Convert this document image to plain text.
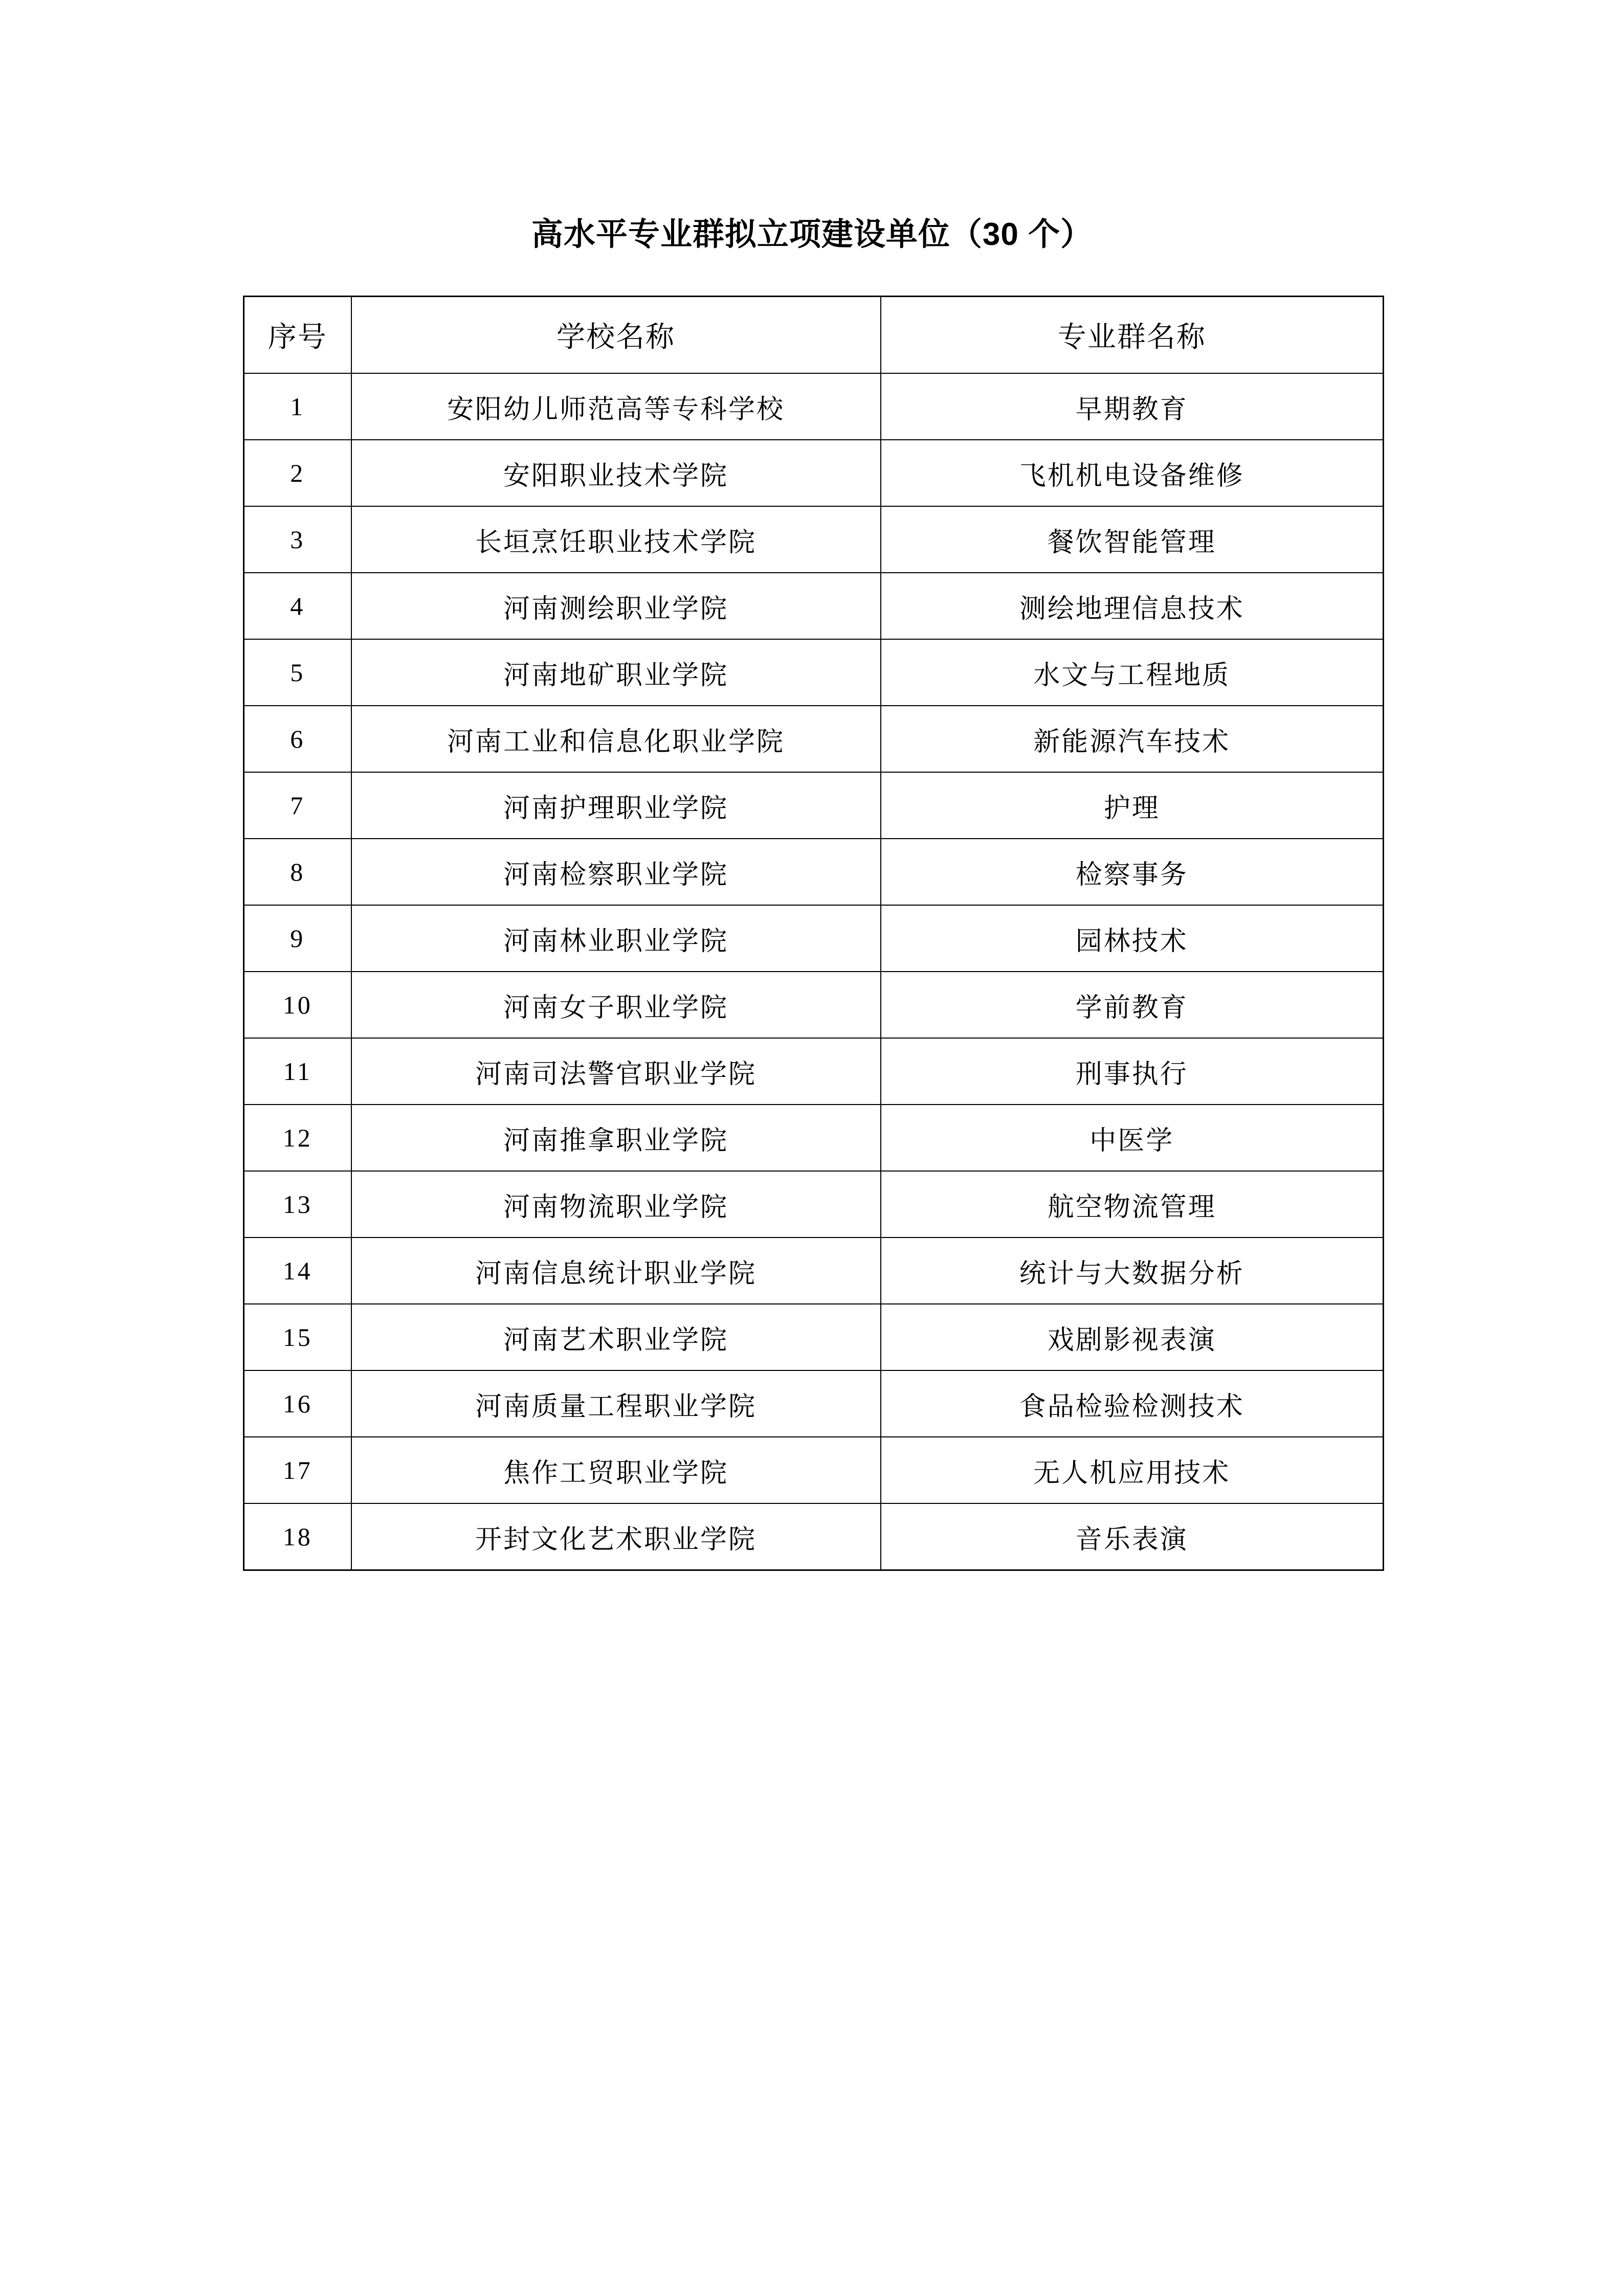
高水平专业群拟立项建设单位（30 个）
序号	学校名称	专业群名称
1	安阳幼儿师范高等专科学校	早期教育
2	安阳职业技术学院	飞机机电设备维修
3	长垣烹饪职业技术学院	餐饮智能管理
4	河南测绘职业学院	测绘地理信息技术
5	河南地矿职业学院	水文与工程地质
6	河南工业和信息化职业学院	新能源汽车技术
7	河南护理职业学院	护理
8	河南检察职业学院	检察事务
9	河南林业职业学院	园林技术
10	河南女子职业学院	学前教育
11	河南司法警官职业学院	刑事执行
12	河南推拿职业学院	中医学
13	河南物流职业学院	航空物流管理
14	河南信息统计职业学院	统计与大数据分析
15	河南艺术职业学院	戏剧影视表演
16	河南质量工程职业学院	食品检验检测技术
17	焦作工贸职业学院	无人机应用技术
18	开封文化艺术职业学院	音乐表演
